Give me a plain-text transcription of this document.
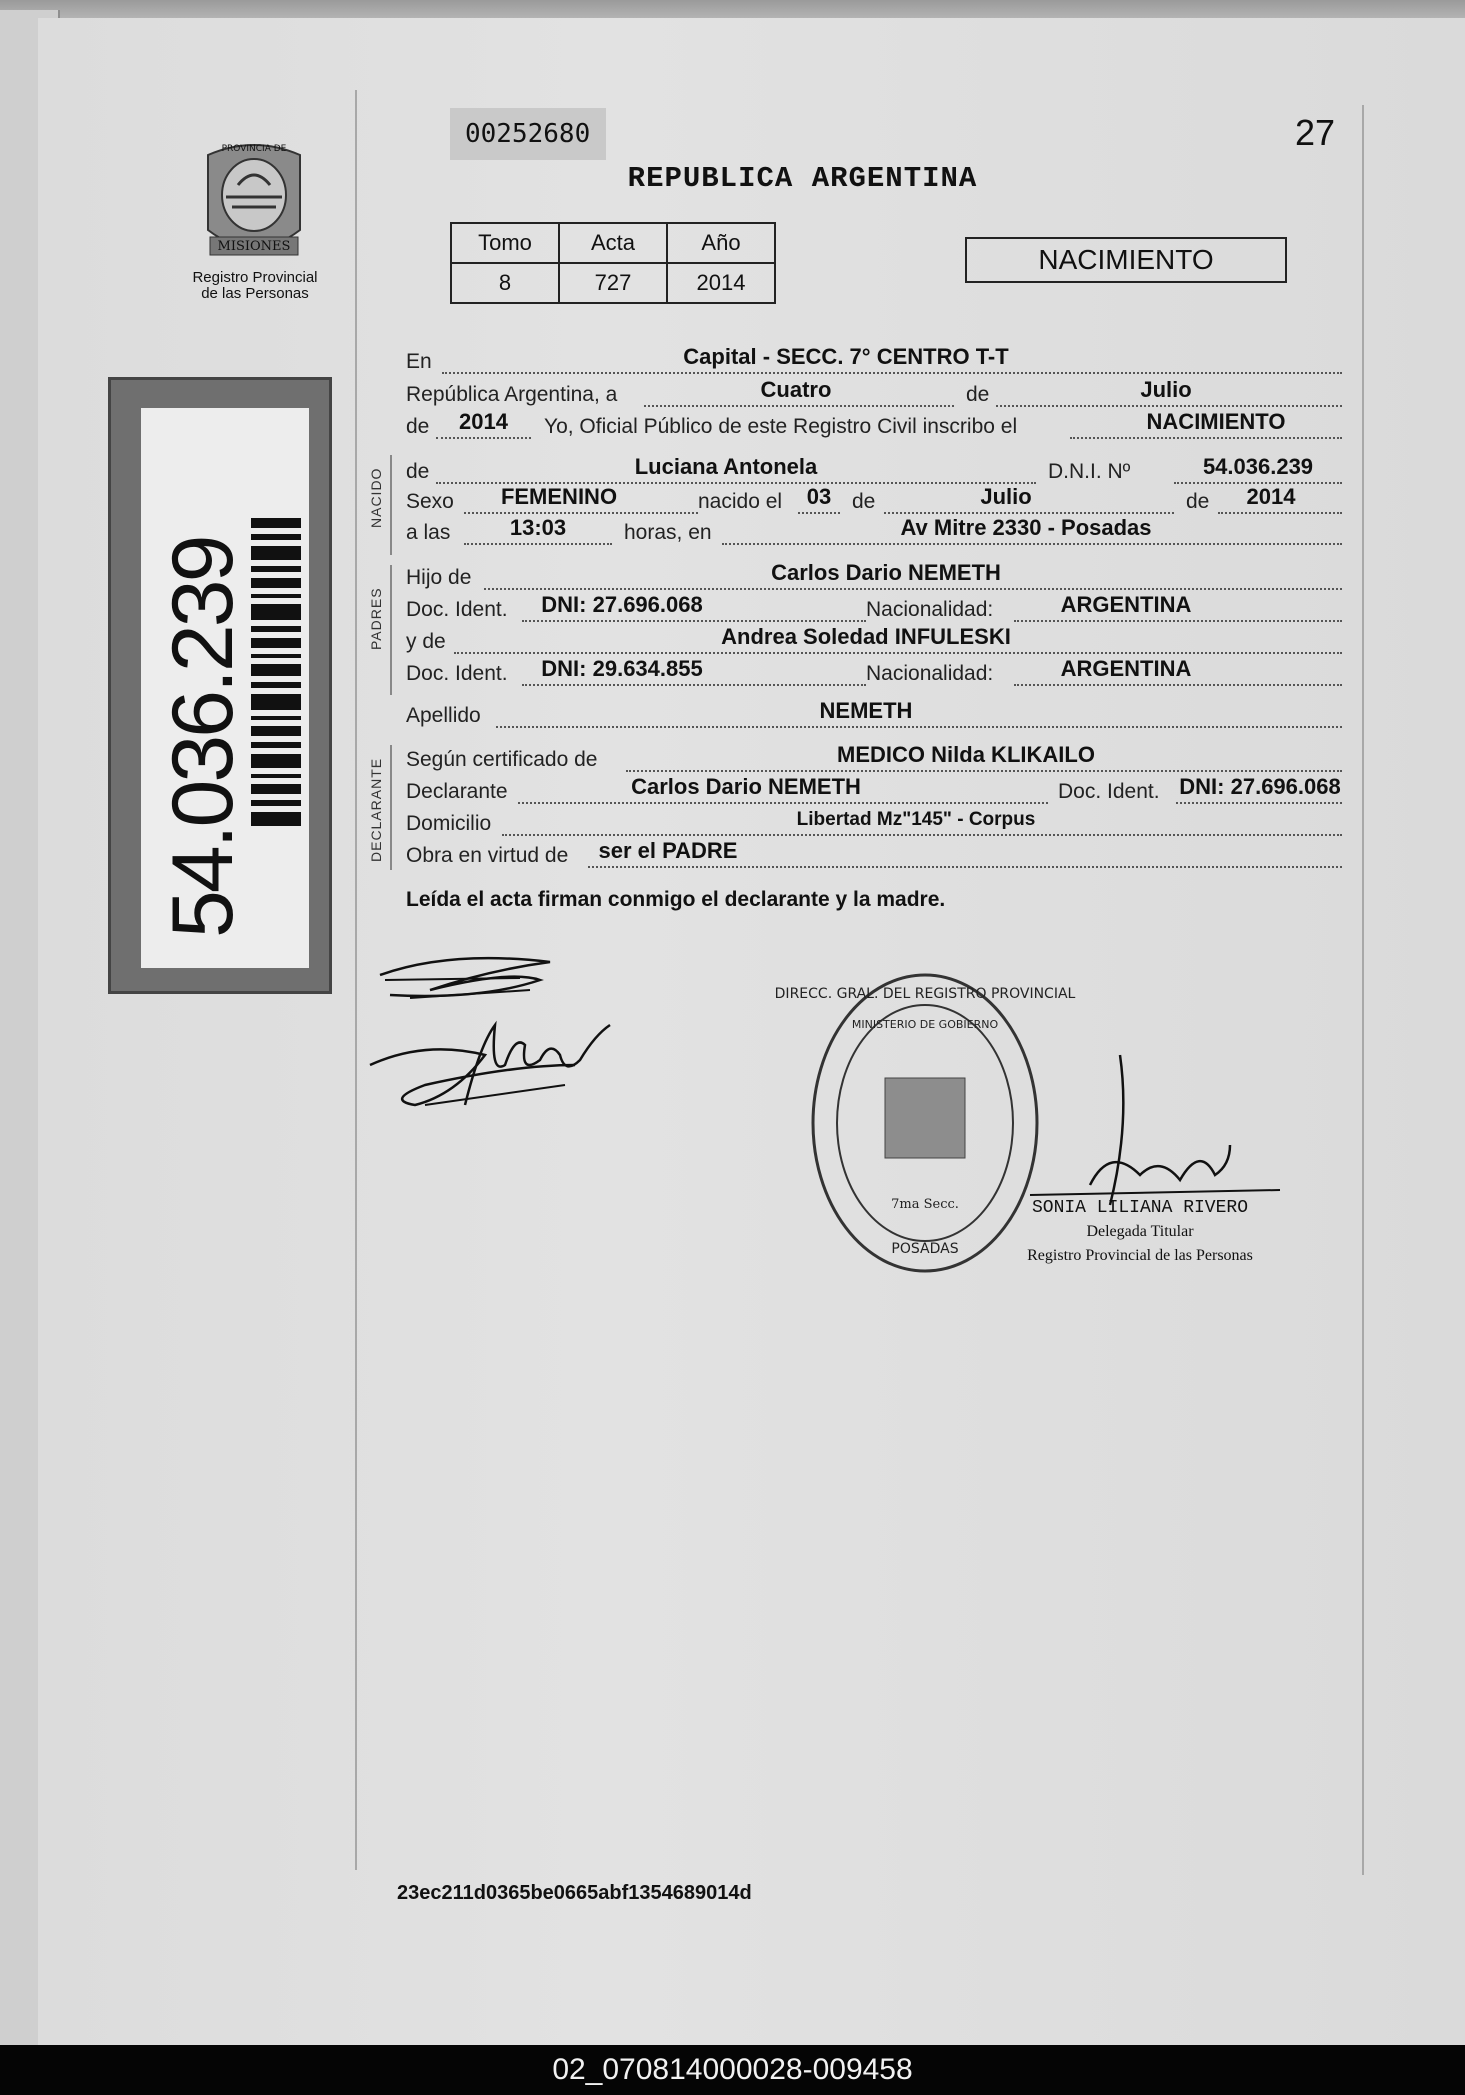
PROVINCIA DE
MISIONES
Registro Provincial
de las Personas
00252680	27
REPUBLICA ARGENTINA
Tomo	Acta	Año
8	727	2014
NACIMIENTO
54.036.239
NACIDO
PADRES
DECLARANTE
En	Capital - SECC. 7° CENTRO T-T
República Argentina, a	Cuatro	de	Julio
de	2014	Yo, Oficial Público de este Registro Civil inscribo el	NACIMIENTO
de	Luciana Antonela	D.N.I. Nº	54.036.239
Sexo	FEMENINO	nacido el	03 de	Julio	de	2014
a las	13:03	horas, en	Av Mitre 2330 - Posadas
Hijo de	Carlos Dario NEMETH
Doc. Ident.	DNI: 27.696.068	Nacionalidad:	ARGENTINA
y de	Andrea Soledad INFULESKI
Doc. Ident.	DNI: 29.634.855	Nacionalidad:	ARGENTINA
Apellido	NEMETH
Según certificado de	MEDICO Nilda KLIKAILO
Declarante	Carlos Dario NEMETH	Doc. Ident. DNI: 27.696.068
Domicilio	Libertad Mz"145" - Corpus
Obra en virtud de	ser el PADRE
Leída el acta firman conmigo el declarante y la madre.
DIRECC. GRAL. DEL REGISTRO PROVINCIAL
MINISTERIO DE GOBIERNO
7ma Secc.
POSADAS
SONIA LILIANA RIVERO
Delegada Titular
Registro Provincial de las Personas
23ec211d0365be0665abf1354689014d
02_070814000028-009458
